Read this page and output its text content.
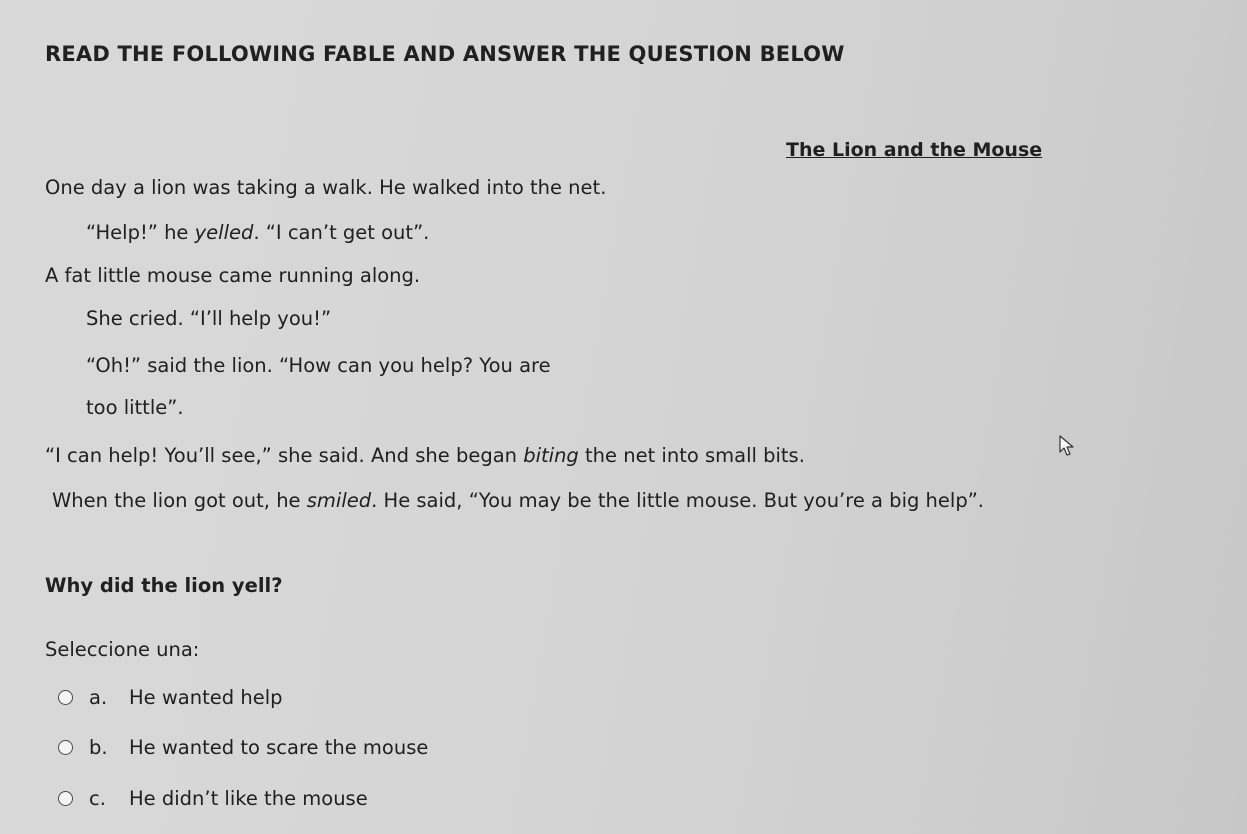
READ THE FOLLOWING FABLE AND ANSWER THE QUESTION BELOW
The Lion and the Mouse
One day a lion was taking a walk. He walked into the net.
“Help!” he yelled. “I can’t get out”.
A fat little mouse came running along.
She cried. “I’ll help you!”
“Oh!” said the lion. “How can you help? You are
too little”.
“I can help! You’ll see,” she said. And she began biting the net into small bits.
When the lion got out, he smiled. He said, “You may be the little mouse. But you’re a big help”.
Why did the lion yell?
Seleccione una:
a.	He wanted help
b.	He wanted to scare the mouse
c.	He didn’t like the mouse
